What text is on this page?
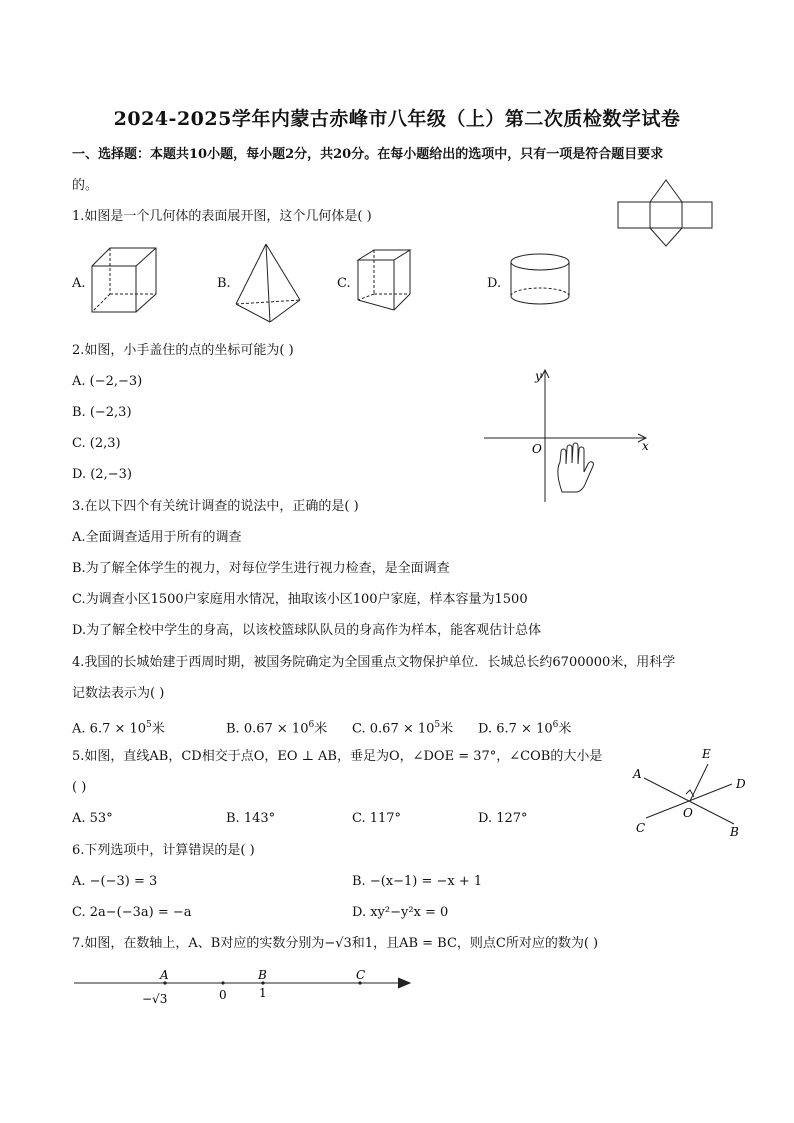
2024-2025学年内蒙古赤峰市八年级（上）第二次质检数学试卷
一、选择题：本题共10小题，每小题2分，共20分。在每小题给出的选项中，只有一项是符合题目要求
的。
1.如图是一个几何体的表面展开图，这个几何体是( )
A.	B.	C.	D.
2.如图，小手盖住的点的坐标可能为( )
A. (−2,−3)
B. (−2,3)
C. (2,3)
D. (2,−3)
y
x
O
3.在以下四个有关统计调查的说法中，正确的是( )
A.全面调查适用于所有的调查
B.为了解全体学生的视力，对每位学生进行视力检查，是全面调查
C.为调查小区1500户家庭用水情况，抽取该小区100户家庭，样本容量为1500
D.为了解全校中学生的身高，以该校篮球队队员的身高作为样本，能客观估计总体
4.我国的长城始建于西周时期，被国务院确定为全国重点文物保护单位．长城总长约6700000米，用科学
记数法表示为( )
A. $6.7 \times 10^5$米	B. $0.67 \times 10^6$米 C. $0.67 \times 10^5$米 D. $6.7 \times 10^6$米
5.如图，直线AB，CD相交于点O，EO ⊥ AB，垂足为O，∠DOE = 37°，∠COB的大小是
( )
A. 53°	B. 143°	C. 117°	D. 127°
A
B
C
D
E
O
6.下列选项中，计算错误的是( )
A. −(−3) = 3	B. −(x−1) = −x + 1
C. 2a−(−3a) = −a	D. xy²−y²x = 0
7.如图，在数轴上，A、B对应的实数分别为−√3和1，且AB = BC，则点C所对应的数为( )
A	B	C
0	1
−√3
